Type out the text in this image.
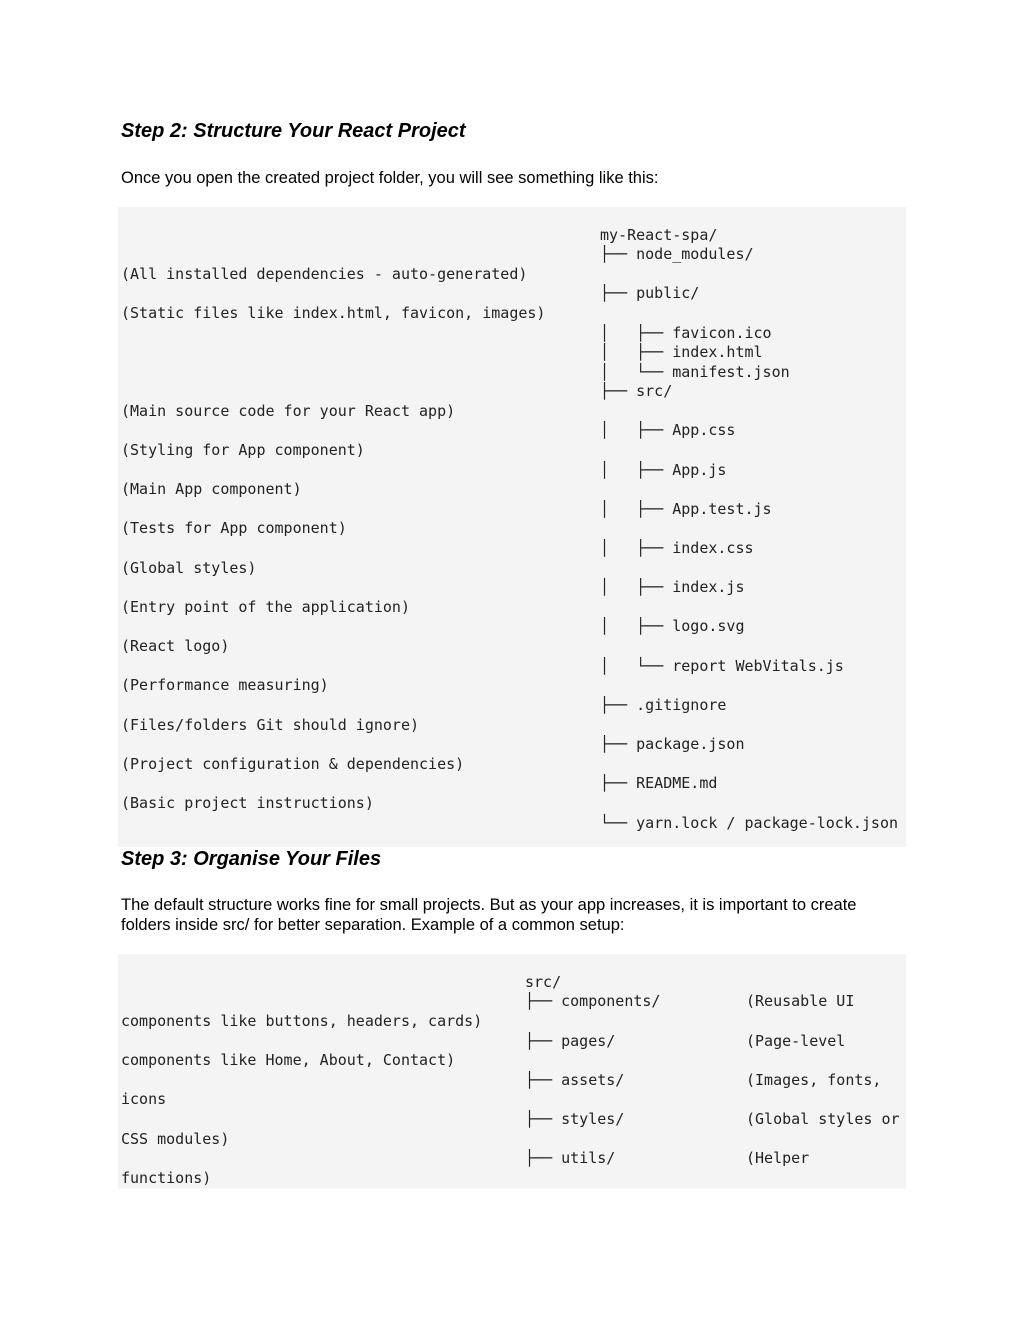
Step 2: Structure Your React Project

Once you open the created project folder, you will see something like this:

my-React-spa/
├── node_modules/
├── public/
│   ├── favicon.ico
│   ├── index.html
│   └── manifest.json
├── src/
│   ├── App.css
│   ├── App.js
│   ├── App.test.js
│   ├── index.css
│   ├── index.js
│   ├── logo.svg
│   └── report WebVitals.js
├── .gitignore
├── package.json
├── README.md
└── yarn.lock / package-lock.json
(All installed dependencies - auto-generated)
(Static files like index.html, favicon, images)
(Main source code for your React app)
(Styling for App component)
(Main App component)
(Tests for App component)
(Global styles)
(Entry point of the application)
(React logo)
(Performance measuring)
(Files/folders Git should ignore)
(Project configuration & dependencies)
(Basic project instructions)
Step 3: Organise Your Files

The default structure works fine for small projects. But as your app increases, it is important to create folders inside src/ for better separation. Example of a common setup:

src/
├── components/
├── pages/
├── assets/
├── styles/
├── utils/
(Reusable UI
(Page-level
(Images, fonts,
(Global styles or
(Helper
components like buttons, headers, cards)
components like Home, About, Contact)
icons
CSS modules)
functions)
